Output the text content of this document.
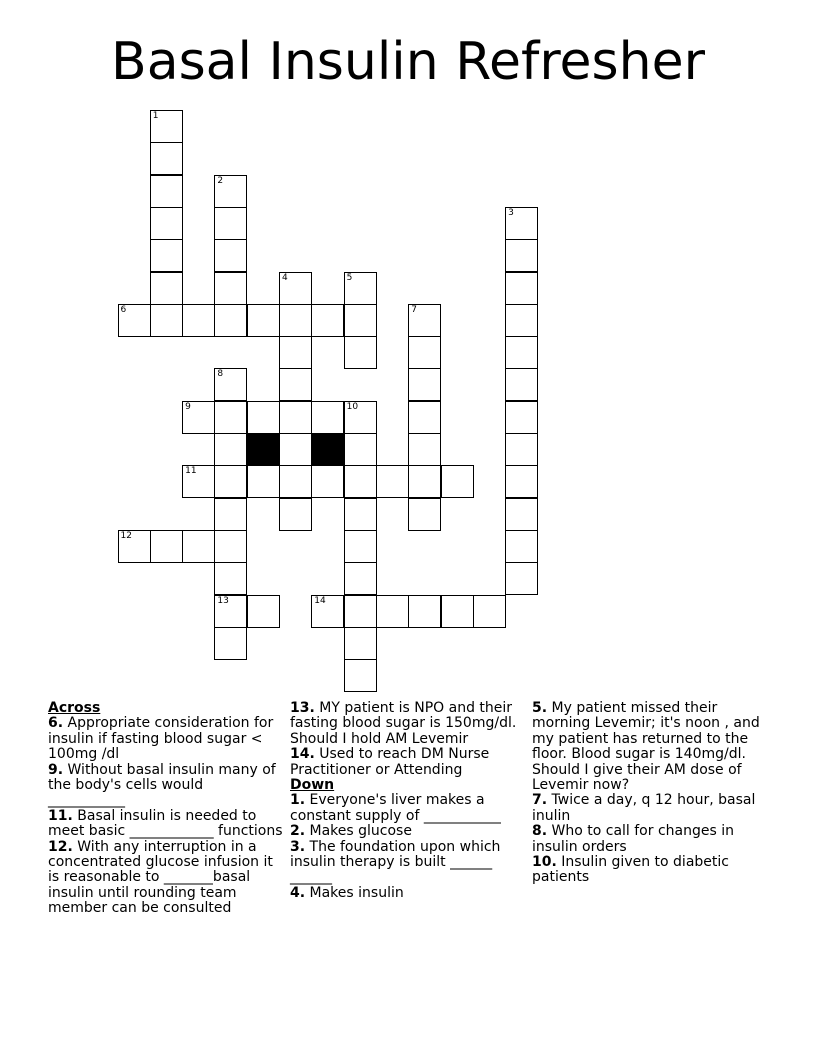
Basal Insulin Refresher
1
2
3
4	5
6	7
8
9	10
11
12
13	14
Across
6. Appropriate consideration for insulin if fasting blood sugar < 100mg /dl
9. Without basal insulin many of the body's cells would ___________
11. Basal insulin is needed to meet basic ____________ functions
12. With any interruption in a concentrated glucose infusion it is reasonable to _______basal insulin until rounding team member can be consulted
13. MY patient is NPO and their fasting blood sugar is 150mg/dl. Should I hold AM Levemir
14. Used to reach DM Nurse Practitioner or Attending
Down
1. Everyone's liver makes a constant supply of ___________
2. Makes glucose
3. The foundation upon which insulin therapy is built ______ ______
4. Makes insulin
5. My patient missed their morning Levemir; it's noon , and my patient has returned to the floor. Blood sugar is 140mg/dl. Should I give their AM dose of Levemir now?
7. Twice a day, q 12 hour, basal inulin
8. Who to call for changes in insulin orders
10. Insulin given to diabetic patients
